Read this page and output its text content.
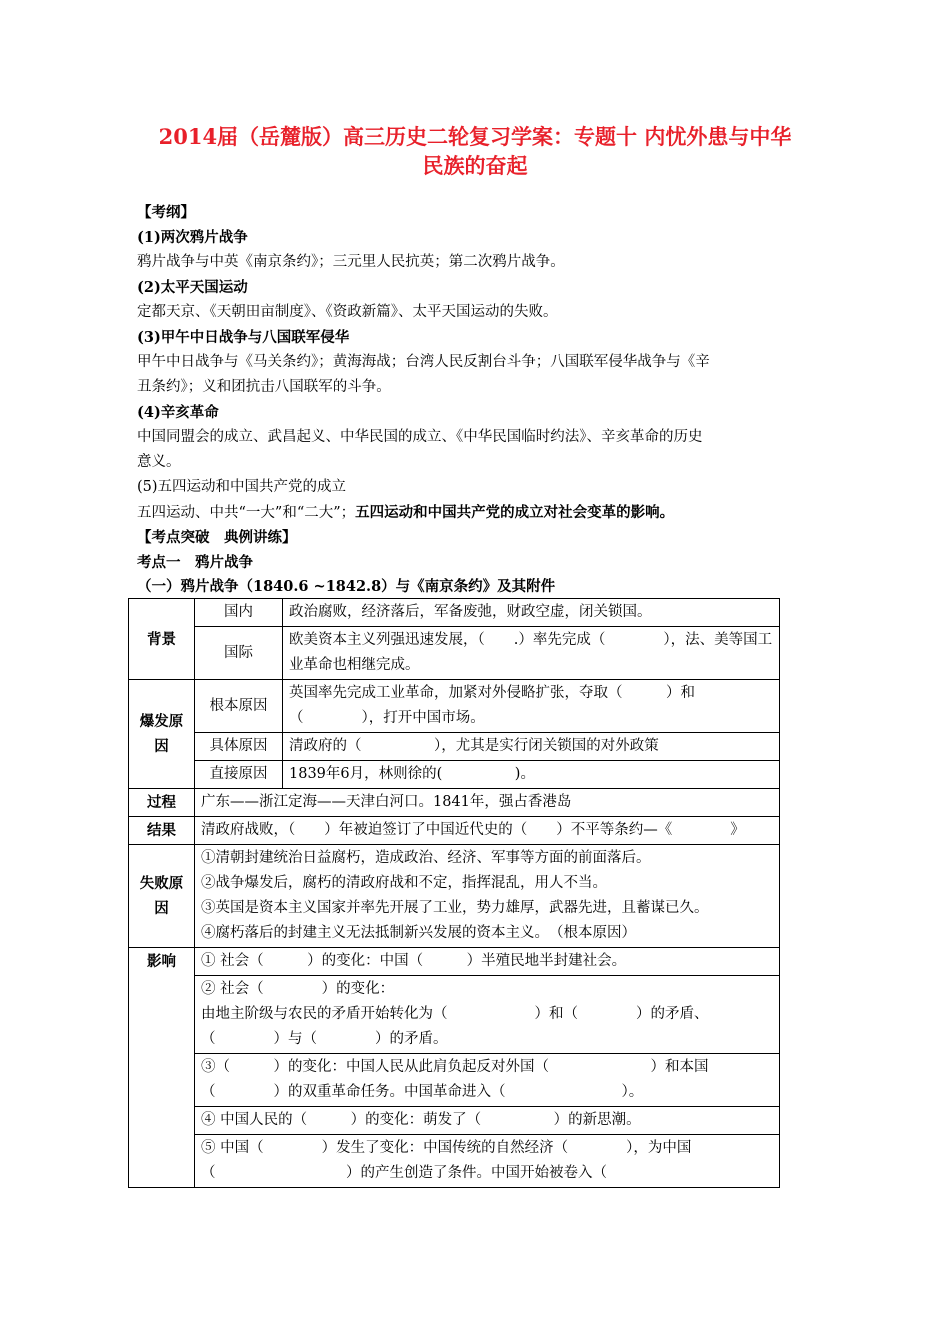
2014届（岳麓版）高三历史二轮复习学案：专题十 内忧外患与中华
民族的奋起
【考纲】
(1)两次鸦片战争
鸦片战争与中英《南京条约》；三元里人民抗英；第二次鸦片战争。
(2)太平天国运动
定都天京、《天朝田亩制度》、《资政新篇》、太平天国运动的失败。
(3)甲午中日战争与八国联军侵华
甲午中日战争与《马关条约》；黄海海战；台湾人民反割台斗争；八国联军侵华战争与《辛
丑条约》；义和团抗击八国联军的斗争。
(4)辛亥革命
中国同盟会的成立、武昌起义、中华民国的成立、《中华民国临时约法》、辛亥革命的历史
意义。
(5)五四运动和中国共产党的成立
五四运动、中共“一大”和“二大”；五四运动和中国共产党的成立对社会变革的影响。
【考点突破　典例讲练】
考点一　鸦片战争
（一）鸦片战争（1840.6 ~1842.8）与《南京条约》及其附件
背景	国内	政治腐败，经济落后，军备废弛，财政空虚，闭关锁国。
	国际	欧美资本主义列强迅速发展，（　　.）率先完成（　　　　），法、美等国工业革命也相继完成。
爆发原因	根本原因	英国率先完成工业革命，加紧对外侵略扩张，夺取（　　　）和（　　　　），打开中国市场。
	具体原因	清政府的（　　　　　），尤其是实行闭关锁国的对外政策
	直接原因	1839年6月，林则徐的(　　　　　)。
过程	广东——浙江定海——天津白河口。1841年，强占香港岛	
结果	清政府战败，（　　）年被迫签订了中国近代史的（　　）不平等条约—《　　　　》	
失败原因	①清朝封建统治日益腐朽，造成政治、经济、军事等方面的前面落后。
②战争爆发后，腐朽的清政府战和不定，指挥混乱，用人不当。
③英国是资本主义国家并率先开展了工业，势力雄厚，武器先进，且蓄谋已久。
④腐朽落后的封建主义无法抵制新兴发展的资本主义。　（根本原因）	

影响	① 社会（　　　）的变化：中国（　　　）半殖民地半封建社会。	
	② 社会（　　　　）的变化：
由地主阶级与农民的矛盾开始转化为（　　　　　　）和（　　　　）的矛盾、（　　　　）与（　　　　）的矛盾。	
	③（　　　）的变化：中国人民从此肩负起反对外国（　　　　　　　）和本国（　　　　）的双重革命任务。中国革命进入（　　　　　　　　）。	
	④ 中国人民的（　　　）的变化：萌发了（　　　　　）的新思潮。	
	⑤ 中国（　　　　）发生了变化：中国传统的自然经济（　　　　），为中国（　　　　　　　　　）的产生创造了条件。中国开始被卷入（	
